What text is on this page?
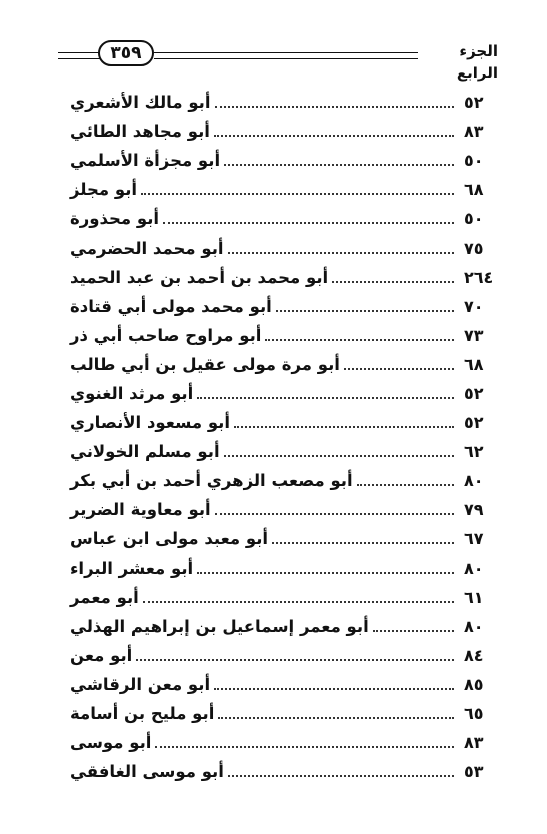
٣٥٩	الجزء الرابع
أبو مالك الأشعري	٥٢
أبو مجاهد الطائي	٨٣
أبو مجزأة الأسلمي	٥٠
أبو مجلز	٦٨
أبو محذورة	٥٠
أبو محمد الحضرمي	٧٥
أبو محمد بن أحمد بن عبد الحميد	٢٦٤
أبو محمد مولى أبي قتادة	٧٠
أبو مراوح صاحب أبي ذر	٧٣
أبو مرة مولى عقيل بن أبي طالب	٦٨
أبو مرثد الغنوي	٥٢
أبو مسعود الأنصاري	٥٢
أبو مسلم الخولاني	٦٢
أبو مصعب الزهري أحمد بن أبي بكر	٨٠
أبو معاوية الضرير	٧٩
أبو معبد مولى ابن عباس	٦٧
أبو معشر البراء	٨٠
أبو معمر	٦١
أبو معمر إسماعيل بن إبراهيم الهذلي	٨٠
أبو معن	٨٤
أبو معن الرقاشي	٨٥
أبو مليح بن أسامة	٦٥
أبو موسى	٨٣
أبو موسى الغافقي	٥٣
